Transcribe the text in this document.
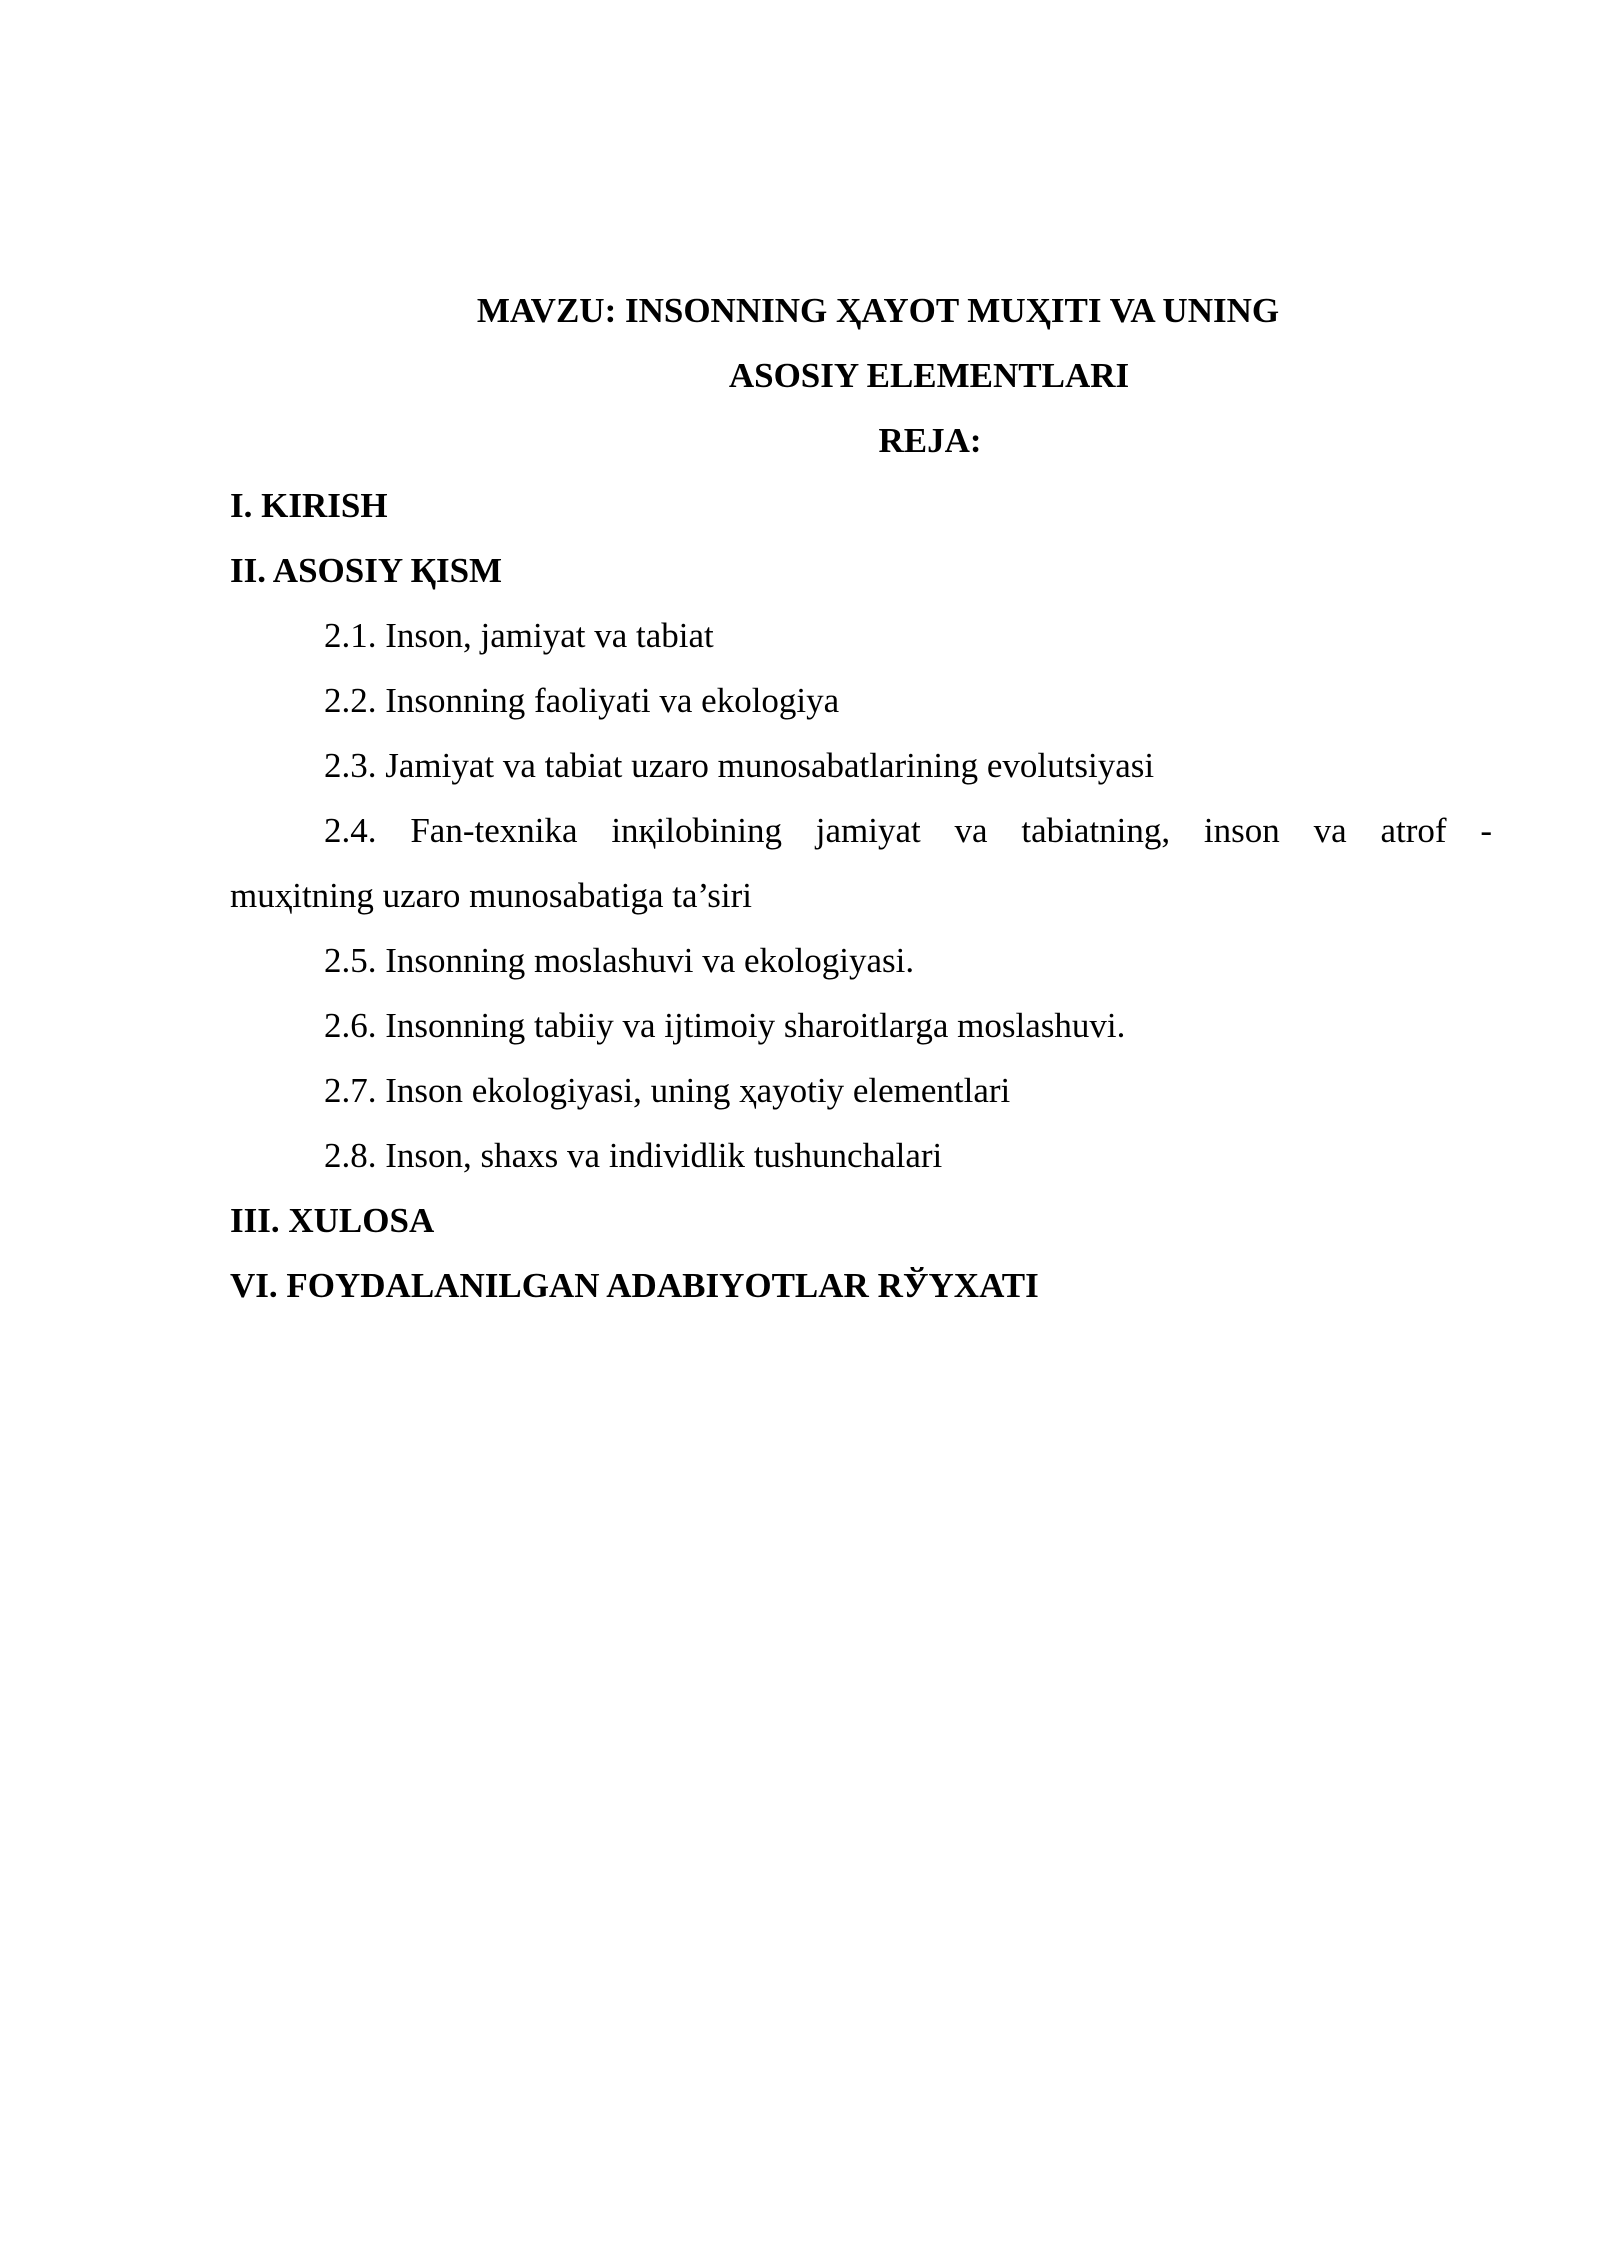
MAVZU: INSONNING ҲAYOT MUҲITI VA UNING
ASOSIY ELEMENTLARI
REJA:
I. KIRISH
II. ASOSIY ҚISM
2.1. Inson, jamiyat va tabiat
2.2. Insonning faoliyati va ekologiya
2.3. Jamiyat va tabiat uzaro munosabatlarining evolutsiyasi
2.4. Fan-texnika inқilobining jamiyat va tabiatning, inson va atrof -
muҳitning uzaro munosabatiga ta’siri
2.5. Insonning moslashuvi va ekologiyasi.
2.6. Insonning tabiiy va ijtimoiy sharoitlarga moslashuvi.
2.7. Inson ekologiyasi, uning ҳayotiy elementlari
2.8. Inson, shaxs va individlik tushunchalari
III. XULOSA
VI. FOYDALANILGAN ADABIYOTLAR RЎYXATI
